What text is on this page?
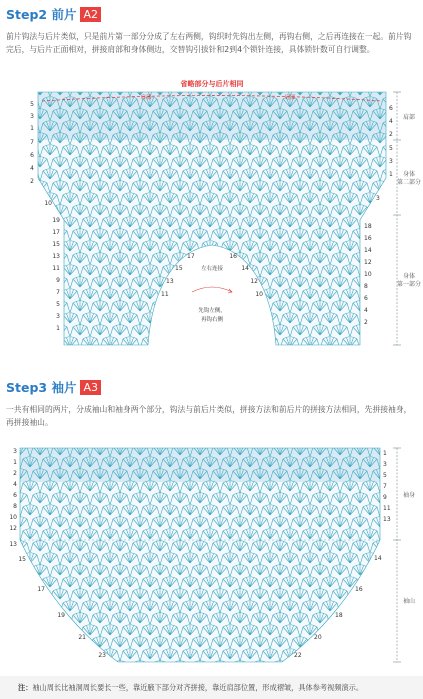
Step2 前片 A2

前片钩法与后片类似，只是前片第一部分分成了左右两侧，钩织时先钩出左侧，再钩右侧，之后再连接在一起。前片钩完后，与后片正面相对，拼接肩部和身体侧边，交替钩引拔针和2到4个锁针连接，具体锁针数可自行调整。

省略部分与后片相同
肩部	肩部
肩部
身体
第二部分
身体
第一部分
左右连接
先钩左侧，
再钩右侧
5
3
1
7
6
4
2
10
19
17
15
13
11
9
7
5
3
1
6
4
2
5
3
1
3
18
16
14
12
10
8
6
4
2
17
15
13
11
16
14
12
10
袖身
袖山
3
1
2
4
6
8
10
12
13
15
17
19
21
23
1
3
5
7
9
11
13
14
16
18
20
22
Step3 袖片 A3

一共有相同的两片，分成袖山和袖身两个部分，钩法与前后片类似，拼接方法和前后片的拼接方法相同，先拼接袖身，再拼接袖山。

注：袖山周长比袖洞周长要长一些，靠近腋下部分对齐拼接，靠近肩部位置，形成褶皱，具体参考视频演示。
